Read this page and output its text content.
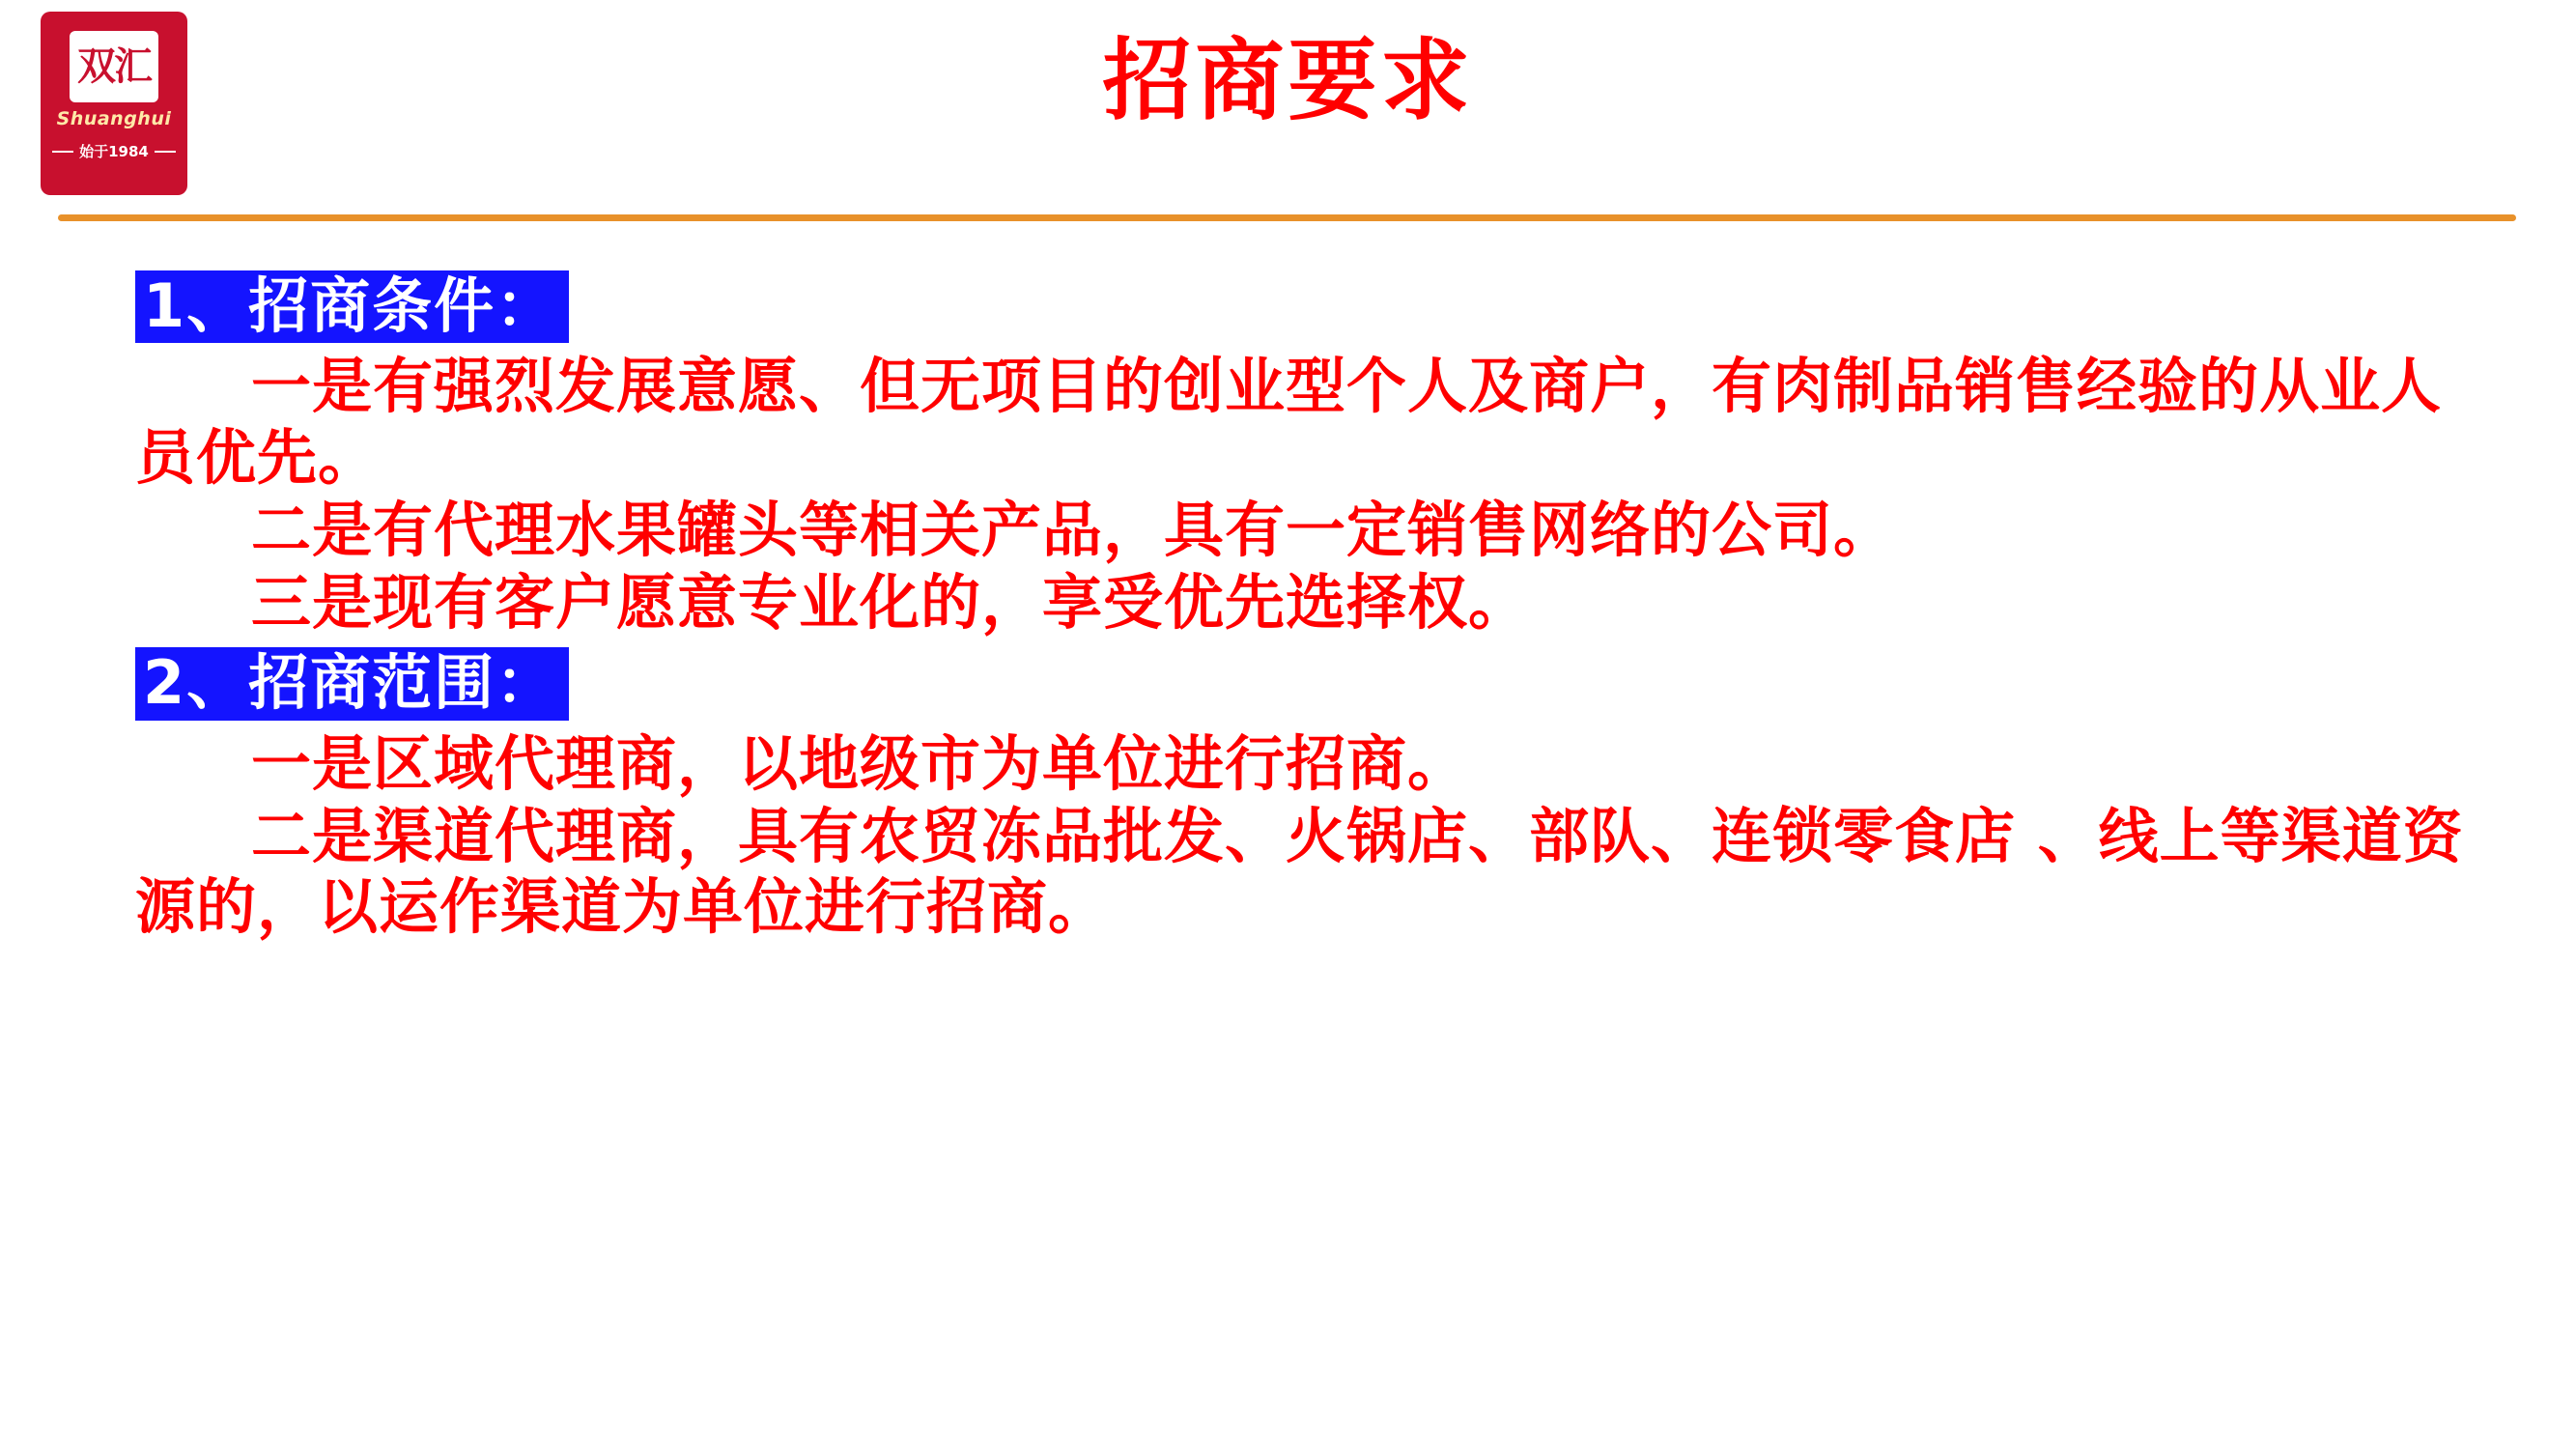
双汇
Shuanghui
始于1984
招商要求
1、招商条件：

一是有强烈发展意愿、但无项目的创业型个人及商户，有肉制品销售经验的从业人员优先。

二是有代理水果罐头等相关产品，具有一定销售网络的公司。

三是现有客户愿意专业化的，享受优先选择权。

2、招商范围：

一是区域代理商，以地级市为单位进行招商。

二是渠道代理商，具有农贸冻品批发、火锅店、部队、连锁零食店 、线上等渠道资源的，以运作渠道为单位进行招商。
